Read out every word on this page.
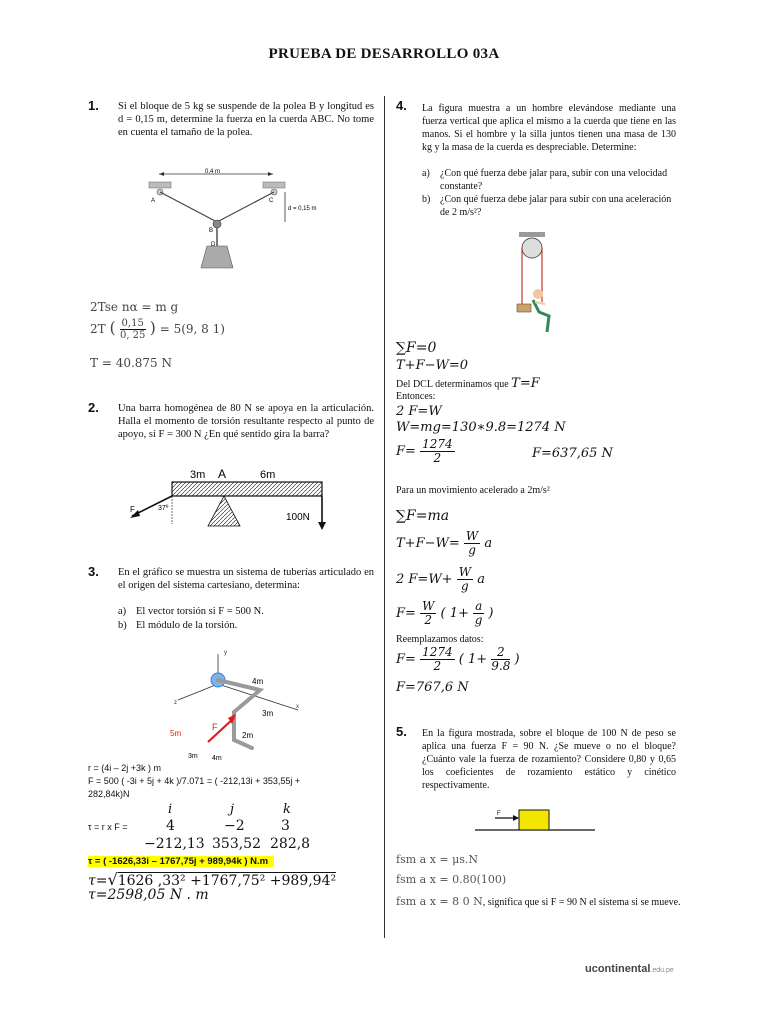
PRUEBA DE DESARROLLO 03A
1. Si el bloque de 5 kg se suspende de la polea B y longitud es d = 0,15 m, determine la fuerza en la cuerda ABC. No tome en cuenta el tamaño de la polea.
0,4 m
A	C
B
D
d = 0,15 m
2Tse nα = m g
2T ( $\frac{0,15}{0, 25}$ ) = 5(9, 8 1)
T = 40.875 N
2. Una barra homogénea de 80 N se apoya en la articulación. Halla el momento de torsión resultante respecto al punto de apoyo, si F = 300 N ¿En qué sentido gira la barra?
3m A	6m
F	37º
100N
3. En el gráfico se muestra un sistema de tuberías articulado en el origen del sistema cartesiano, determina:
a) El vector torsión si F = 500 N.
b) El módulo de la torsión.
y
z
x
4m
3m
2m
5m
F
3m 4m
r = (4i – 2j +3k ) m
F = 500 ( -3i + 5j + 4k )/7.071 = ( -212,13i + 353,55j +
282,84k)N
i	j	k
τ = r x F =	4	−2	3
−212,13 353,52 282,8
τ = ( -1626,33i – 1767,75j + 989,94k ) N.m
τ=√1626 ,33² +1767,75² +989,94²
τ=2598,05 N . m
4. La figura muestra a un hombre elevándose mediante una fuerza vertical que aplica el mismo a la cuerda que tiene en las manos. Si el hombre y la silla juntos tienen una masa de 130 kg y la masa de la cuerda es despreciable. Determine:
a) ¿Con qué fuerza debe jalar para, subir con una velocidad constante?
b) ¿Con qué fuerza debe jalar para subir con una aceleración de 2 m/s²?
∑F=0
T+F−W=0
Del DCL determinamos que T=F
Entonces:
2 F=W
W=mg=130∗9.8=1274 N
$F= \frac{1274}{2}$	F=637,65 N
Para un movimiento acelerado a 2m/s²
∑F=ma
$T+F-W= \frac{W}{g}$ a
2 $F=W+ \frac{W}{g}$ a
$F= \frac{W}{2}$ ( $1+ \frac{a}{g}$ )
Reemplazamos datos:
$F= \frac{1274}{2}$ ( $1+ \frac{2}{9.8}$ )
F=767,6 N
5. En la figura mostrada, sobre el bloque de 100 N de peso se aplica una fuerza F = 90 N. ¿Se mueve o no el bloque? ¿Cuánto vale la fuerza de rozamiento? Considere 0,80 y 0,65 los coeficientes de rozamiento estático y cinético respectivamente.
F
fsm a x = μs.N
fsm a x = 0.80(100)
fsm a x = 8 0 N, significa que si F = 90 N el sistema si se mueve.
ucontinental.edu.pe
